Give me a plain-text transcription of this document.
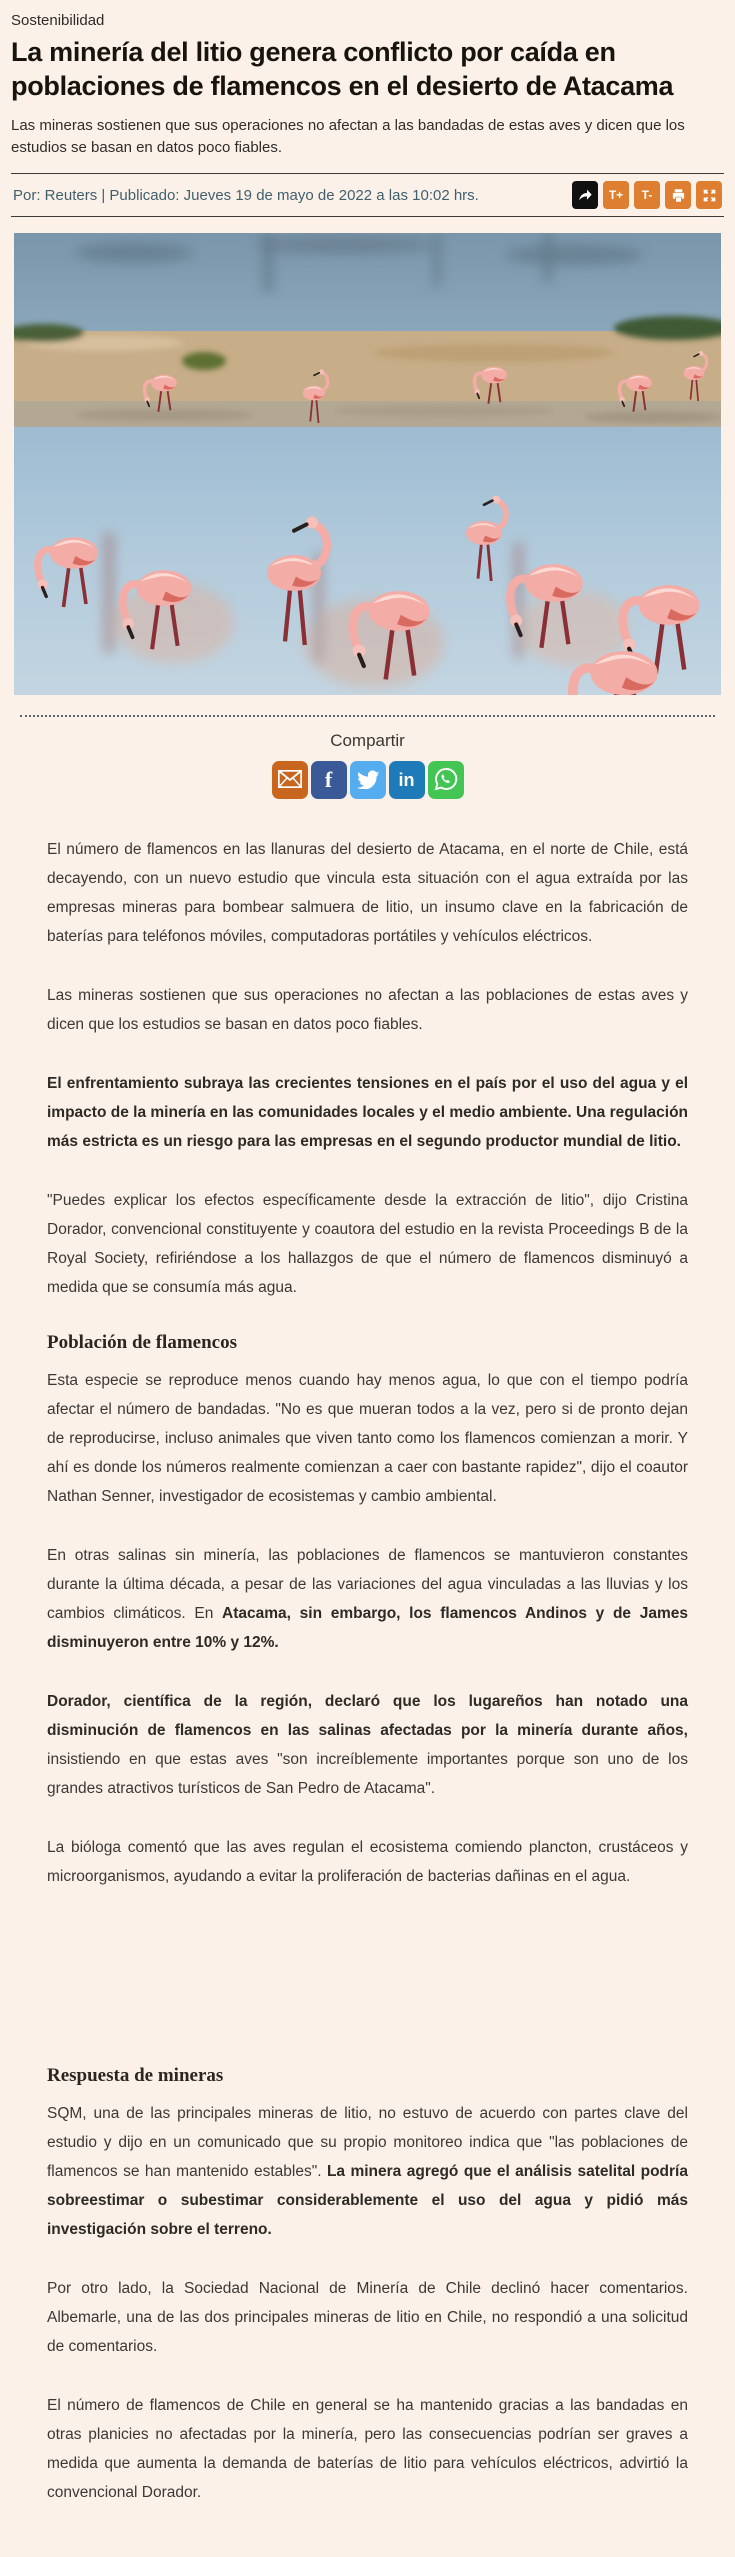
Sostenibilidad
La minería del litio genera conflicto por caída en poblaciones de flamencos en el desierto de Atacama
Las mineras sostienen que sus operaciones no afectan a las bandadas de estas aves y dicen que los estudios se basan en datos poco fiables.
Por: Reuters | Publicado: Jueves 19 de mayo de 2022 a las 10:02 hrs.	T+ T-
Compartir
f	in

El número de flamencos en las llanuras del desierto de Atacama, en el norte de Chile, está decayendo, con un nuevo estudio que vincula esta situación con el agua extraída por las empresas mineras para bombear salmuera de litio, un insumo clave en la fabricación de baterías para teléfonos móviles, computadoras portátiles y vehículos eléctricos.

Las mineras sostienen que sus operaciones no afectan a las poblaciones de estas aves y dicen que los estudios se basan en datos poco fiables.

El enfrentamiento subraya las crecientes tensiones en el país por el uso del agua y el impacto de la minería en las comunidades locales y el medio ambiente. Una regulación más estricta es un riesgo para las empresas en el segundo productor mundial de litio.

"Puedes explicar los efectos específicamente desde la extracción de litio", dijo Cristina Dorador, convencional constituyente y coautora del estudio en la revista Proceedings B de la Royal Society, refiriéndose a los hallazgos de que el número de flamencos disminuyó a medida que se consumía más agua.

Población de flamencos

Esta especie se reproduce menos cuando hay menos agua, lo que con el tiempo podría afectar el número de bandadas. "No es que mueran todos a la vez, pero si de pronto dejan de reproducirse, incluso animales que viven tanto como los flamencos comienzan a morir. Y ahí es donde los números realmente comienzan a caer con bastante rapidez", dijo el coautor Nathan Senner, investigador de ecosistemas y cambio ambiental.

En otras salinas sin minería, las poblaciones de flamencos se mantuvieron constantes durante la última década, a pesar de las variaciones del agua vinculadas a las lluvias y los cambios climáticos. En Atacama, sin embargo, los flamencos Andinos y de James disminuyeron entre 10% y 12%.

Dorador, científica de la región, declaró que los lugareños han notado una disminución de flamencos en las salinas afectadas por la minería durante años, insistiendo en que estas aves "son increíblemente importantes porque son uno de los grandes atractivos turísticos de San Pedro de Atacama".

La bióloga comentó que las aves regulan el ecosistema comiendo plancton, crustáceos y microorganismos, ayudando a evitar la proliferación de bacterias dañinas en el agua.

Respuesta de mineras

SQM, una de las principales mineras de litio, no estuvo de acuerdo con partes clave del estudio y dijo en un comunicado que su propio monitoreo indica que "las poblaciones de flamencos se han mantenido estables". La minera agregó que el análisis satelital podría sobreestimar o subestimar considerablemente el uso del agua y pidió más investigación sobre el terreno.

Por otro lado, la Sociedad Nacional de Minería de Chile declinó hacer comentarios. Albemarle, una de las dos principales mineras de litio en Chile, no respondió a una solicitud de comentarios.

El número de flamencos de Chile en general se ha mantenido gracias a las bandadas en otras planicies no afectadas por la minería, pero las consecuencias podrían ser graves a medida que aumenta la demanda de baterías de litio para vehículos eléctricos, advirtió la convencional Dorador.
